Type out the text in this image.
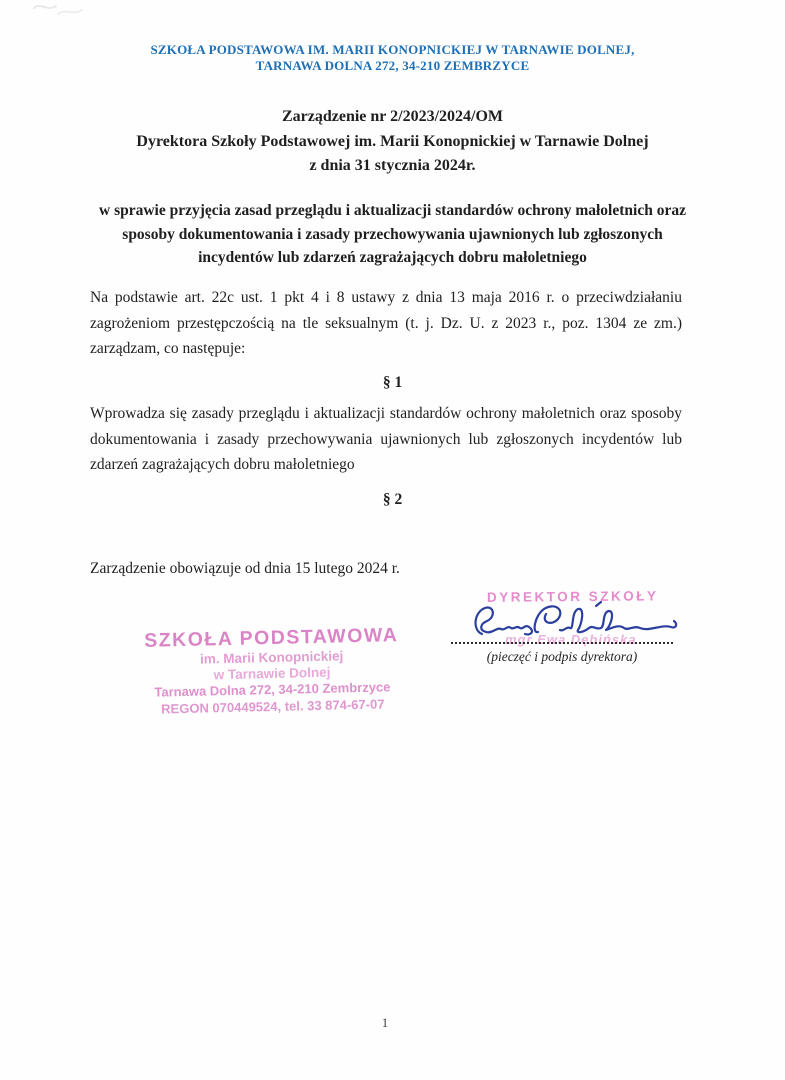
SZKOŁA PODSTAWOWA IM. MARII KONOPNICKIEJ W TARNAWIE DOLNEJ,
TARNAWA DOLNA 272, 34-210 ZEMBRZYCE
Zarządzenie nr 2/2023/2024/OM
Dyrektora Szkoły Podstawowej im. Marii Konopnickiej w Tarnawie Dolnej
z dnia 31 stycznia 2024r.
w sprawie przyjęcia zasad przeglądu i aktualizacji standardów ochrony małoletnich oraz sposoby dokumentowania i zasady przechowywania ujawnionych lub zgłoszonych incydentów lub zdarzeń zagrażających dobru małoletniego
Na podstawie art. 22c ust. 1 pkt 4 i 8 ustawy z dnia 13 maja 2016 r. o przeciwdziałaniu zagrożeniom przestępczością na tle seksualnym (t. j. Dz. U. z 2023 r., poz. 1304 ze zm.) zarządzam, co następuje:
§ 1
Wprowadza się zasady przeglądu i aktualizacji standardów ochrony małoletnich oraz sposoby dokumentowania i zasady przechowywania ujawnionych lub zgłoszonych incydentów lub zdarzeń zagrażających dobru małoletniego
§ 2
Zarządzenie obowiązuje od dnia 15 lutego 2024 r.
DYREKTOR SZKOŁY
mgr Ewa Dębińska
(pieczęć i podpis dyrektora)
SZKOŁA PODSTAWOWA
im. Marii Konopnickiej
w Tarnawie Dolnej
Tarnawa Dolna 272, 34-210 Zembrzyce
REGON 070449524, tel. 33 874-67-07
1
